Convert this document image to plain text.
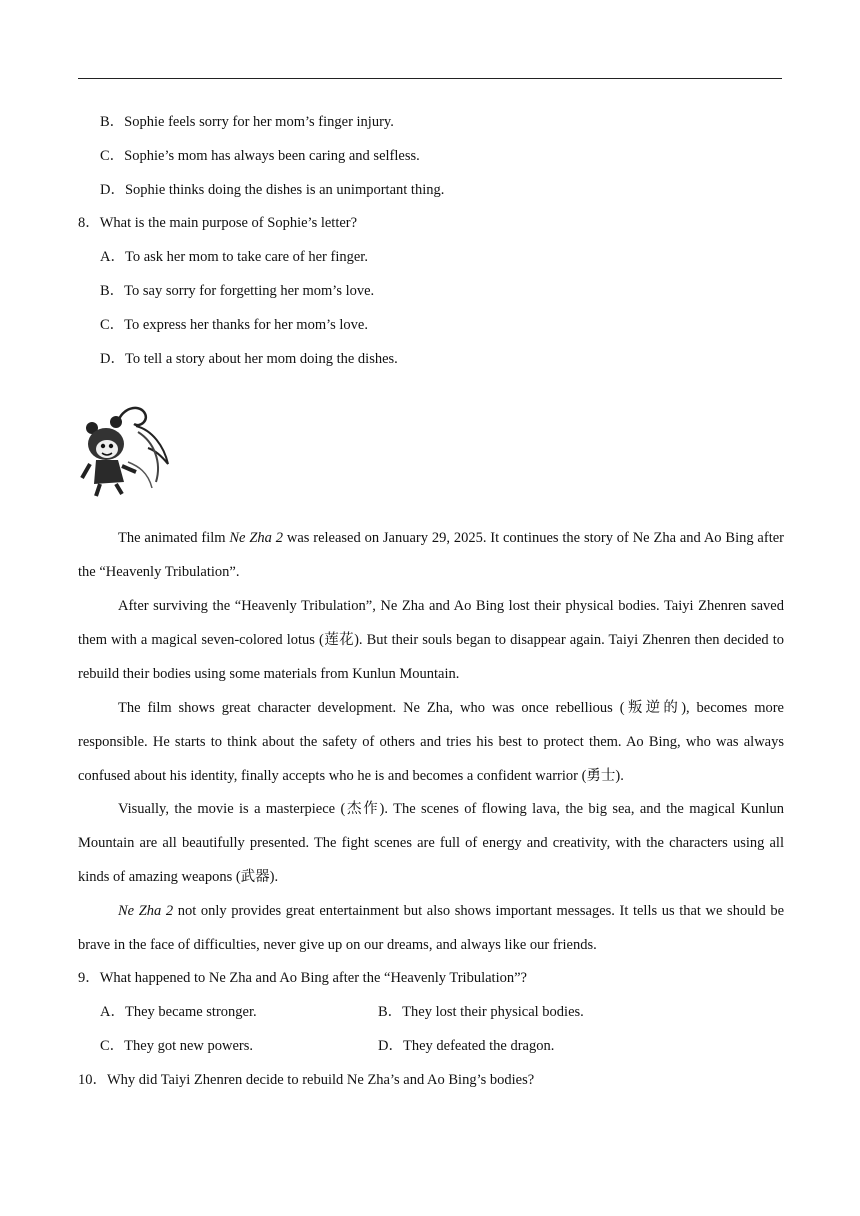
B．Sophie feels sorry for her mom’s finger injury.
C．Sophie’s mom has always been caring and selfless.
D．Sophie thinks doing the dishes is an unimportant thing.
8．What is the main purpose of Sophie’s letter?
A．To ask her mom to take care of her finger.
B．To say sorry for forgetting her mom’s love.
C．To express her thanks for her mom’s love.
D．To tell a story about her mom doing the dishes.
The animated film Ne Zha 2 was released on January 29, 2025. It continues the story of Ne Zha and Ao Bing after the “Heavenly Tribulation”.
After surviving the “Heavenly Tribulation”, Ne Zha and Ao Bing lost their physical bodies. Taiyi Zhenren saved them with a magical seven-colored lotus (莲花). But their souls began to disappear again. Taiyi Zhenren then decided to rebuild their bodies using some materials from Kunlun Mountain.
The film shows great character development. Ne Zha, who was once rebellious (叛逆的), becomes more responsible. He starts to think about the safety of others and tries his best to protect them. Ao Bing, who was always confused about his identity, finally accepts who he is and becomes a confident warrior (勇士).
Visually, the movie is a masterpiece (杰作). The scenes of flowing lava, the big sea, and the magical Kunlun Mountain are all beautifully presented. The fight scenes are full of energy and creativity, with the characters using all kinds of amazing weapons (武器).
Ne Zha 2 not only provides great entertainment but also shows important messages. It tells us that we should be brave in the face of difficulties, never give up on our dreams, and always like our friends.
9．What happened to Ne Zha and Ao Bing after the “Heavenly Tribulation”?
A．They became stronger.	B．They lost their physical bodies.
C．They got new powers.	D．They defeated the dragon.
10．Why did Taiyi Zhenren decide to rebuild Ne Zha’s and Ao Bing’s bodies?
